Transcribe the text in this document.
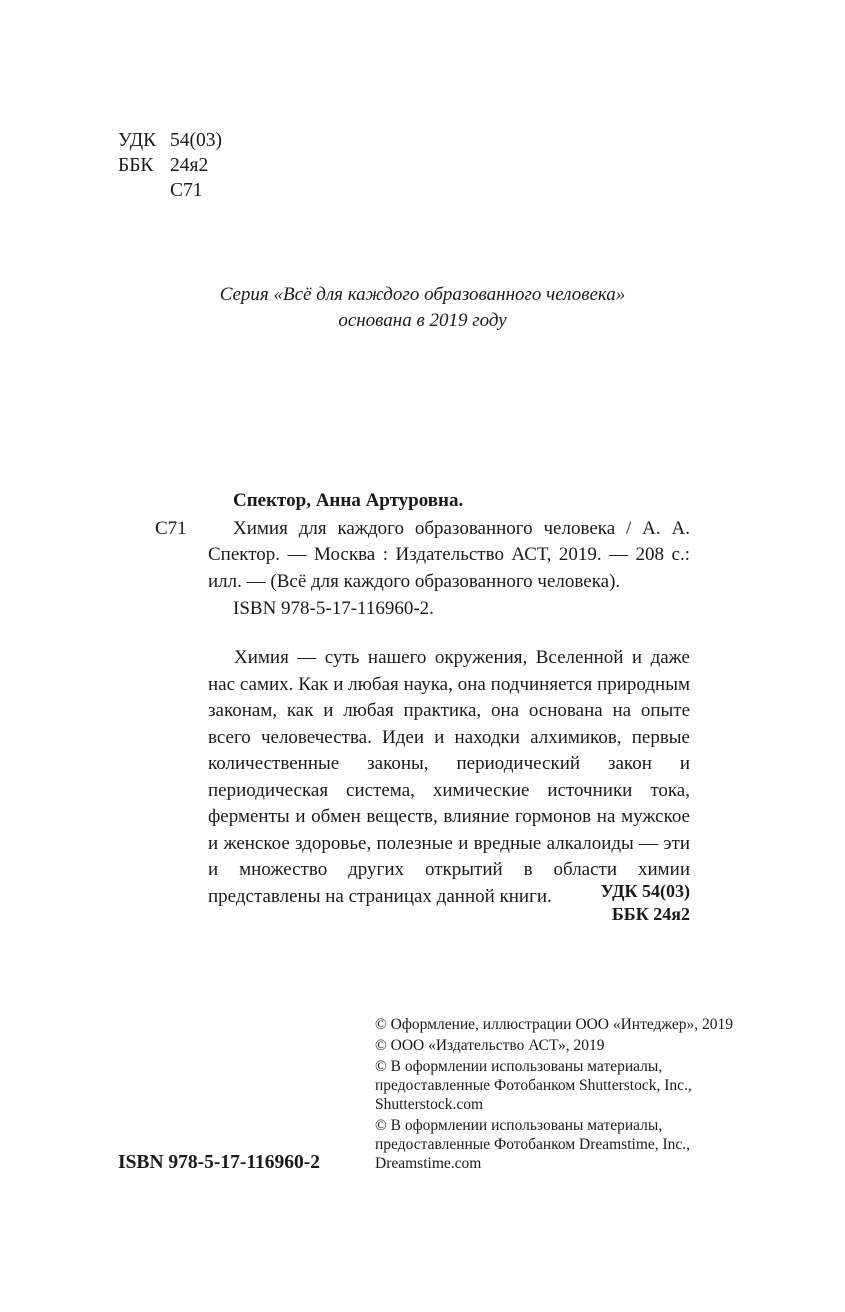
УДК 54(03)
ББК 24я2
С71
Серия «Всё для каждого образованного человека»
основана в 2019 году
Спектор, Анна Артуровна.
С71	Химия для каждого образованного человека / А. А. Спектор. — Москва : Издательство АСТ, 2019. — 208 с.: илл. — (Всё для каждого образованного человека).
ISBN 978-5-17-116960-2.
Химия — суть нашего окружения, Вселенной и даже нас самих. Как и любая наука, она подчиняется природным законам, как и любая практика, она основана на опыте всего человечества. Идеи и находки алхимиков, первые количественные законы, периодический закон и периодическая система, химические источники тока, ферменты и обмен веществ, влияние гормонов на мужское и женское здоровье, полезные и вредные алкалоиды — эти и множество других открытий в области химии представлены на страницах данной книги.	УДК 54(03)
ББК 24я2
© Оформление, иллюстрации ООО «Интеджер», 2019
© ООО «Издательство АСТ», 2019
© В оформлении использованы материалы, предоставленные Фотобанком Shutterstock, Inc., Shutterstock.com
© В оформлении использованы материалы, предоставленные Фотобанком Dreamstime, Inc., Dreamstime.com
ISBN 978-5-17-116960-2
